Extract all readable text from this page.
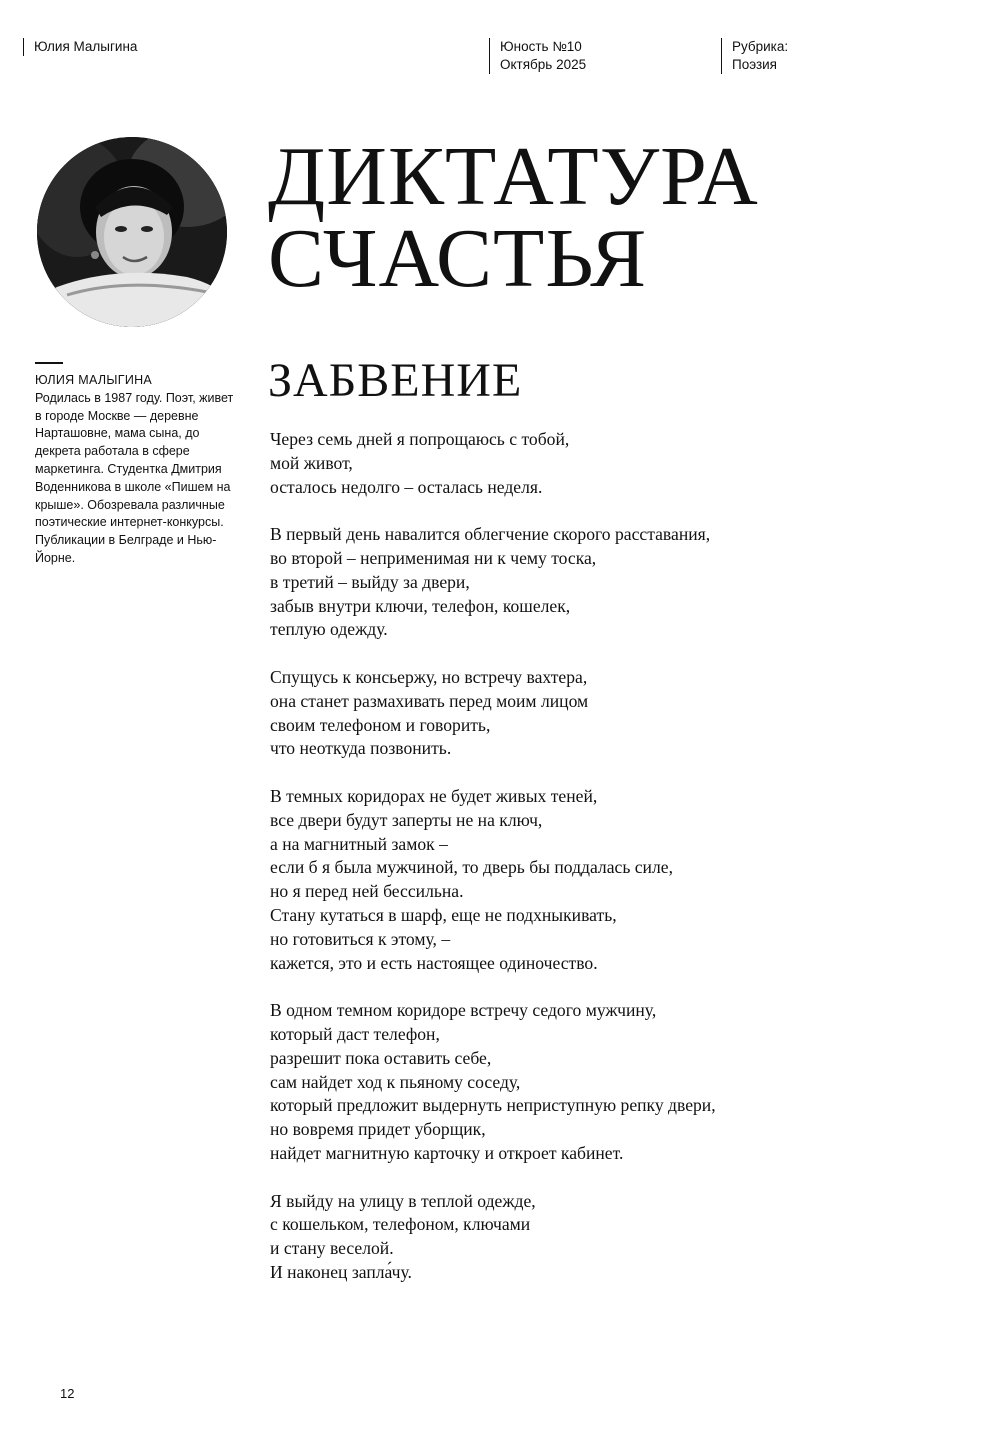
Юлия Малыгина	Юность №10
Октябрь 2025
Рубрика:
Поэзия
ДИКТАТУРА
СЧАСТЬЯ
ЮЛИЯ МАЛЫГИНА
Родилась в 1987 году. Поэт, живет в городе Москве — деревне Нарташовне, мама сына, до декрета работала в сфере маркетинга. Студентка Дмитрия Воденникова в школе «Пишем на крыше». Обозревала различные поэтические интернет-конкурсы. Публикации в Белграде и Нью-Йорне.
ЗАБВЕНИЕ
Через семь дней я попрощаюсь с тобой,
мой живот,
осталось недолго – осталась неделя.
В первый день навалится облегчение скорого расставания,
во второй – неприменимая ни к чему тоска,
в третий – выйду за двери,
забыв внутри ключи, телефон, кошелек,
теплую одежду.
Спущусь к консьержу, но встречу вахтера,
она станет размахивать перед моим лицом
своим телефоном и говорить,
что неоткуда позвонить.
В темных коридорах не будет живых теней,
все двери будут заперты не на ключ,
а на магнитный замок –
если б я была мужчиной, то дверь бы поддалась силе,
но я перед ней бессильна.
Стану кутаться в шарф, еще не подхныкивать,
но готовиться к этому, –
кажется, это и есть настоящее одиночество.
В одном темном коридоре встречу седого мужчину,
который даст телефон,
разрешит пока оставить себе,
сам найдет ход к пьяному соседу,
который предложит выдернуть неприступную репку двери,
но вовремя придет уборщик,
найдет магнитную карточку и откроет кабинет.
Я выйду на улицу в теплой одежде,
с кошельком, телефоном, ключами
и стану веселой.
И наконец запла́чу.
12
